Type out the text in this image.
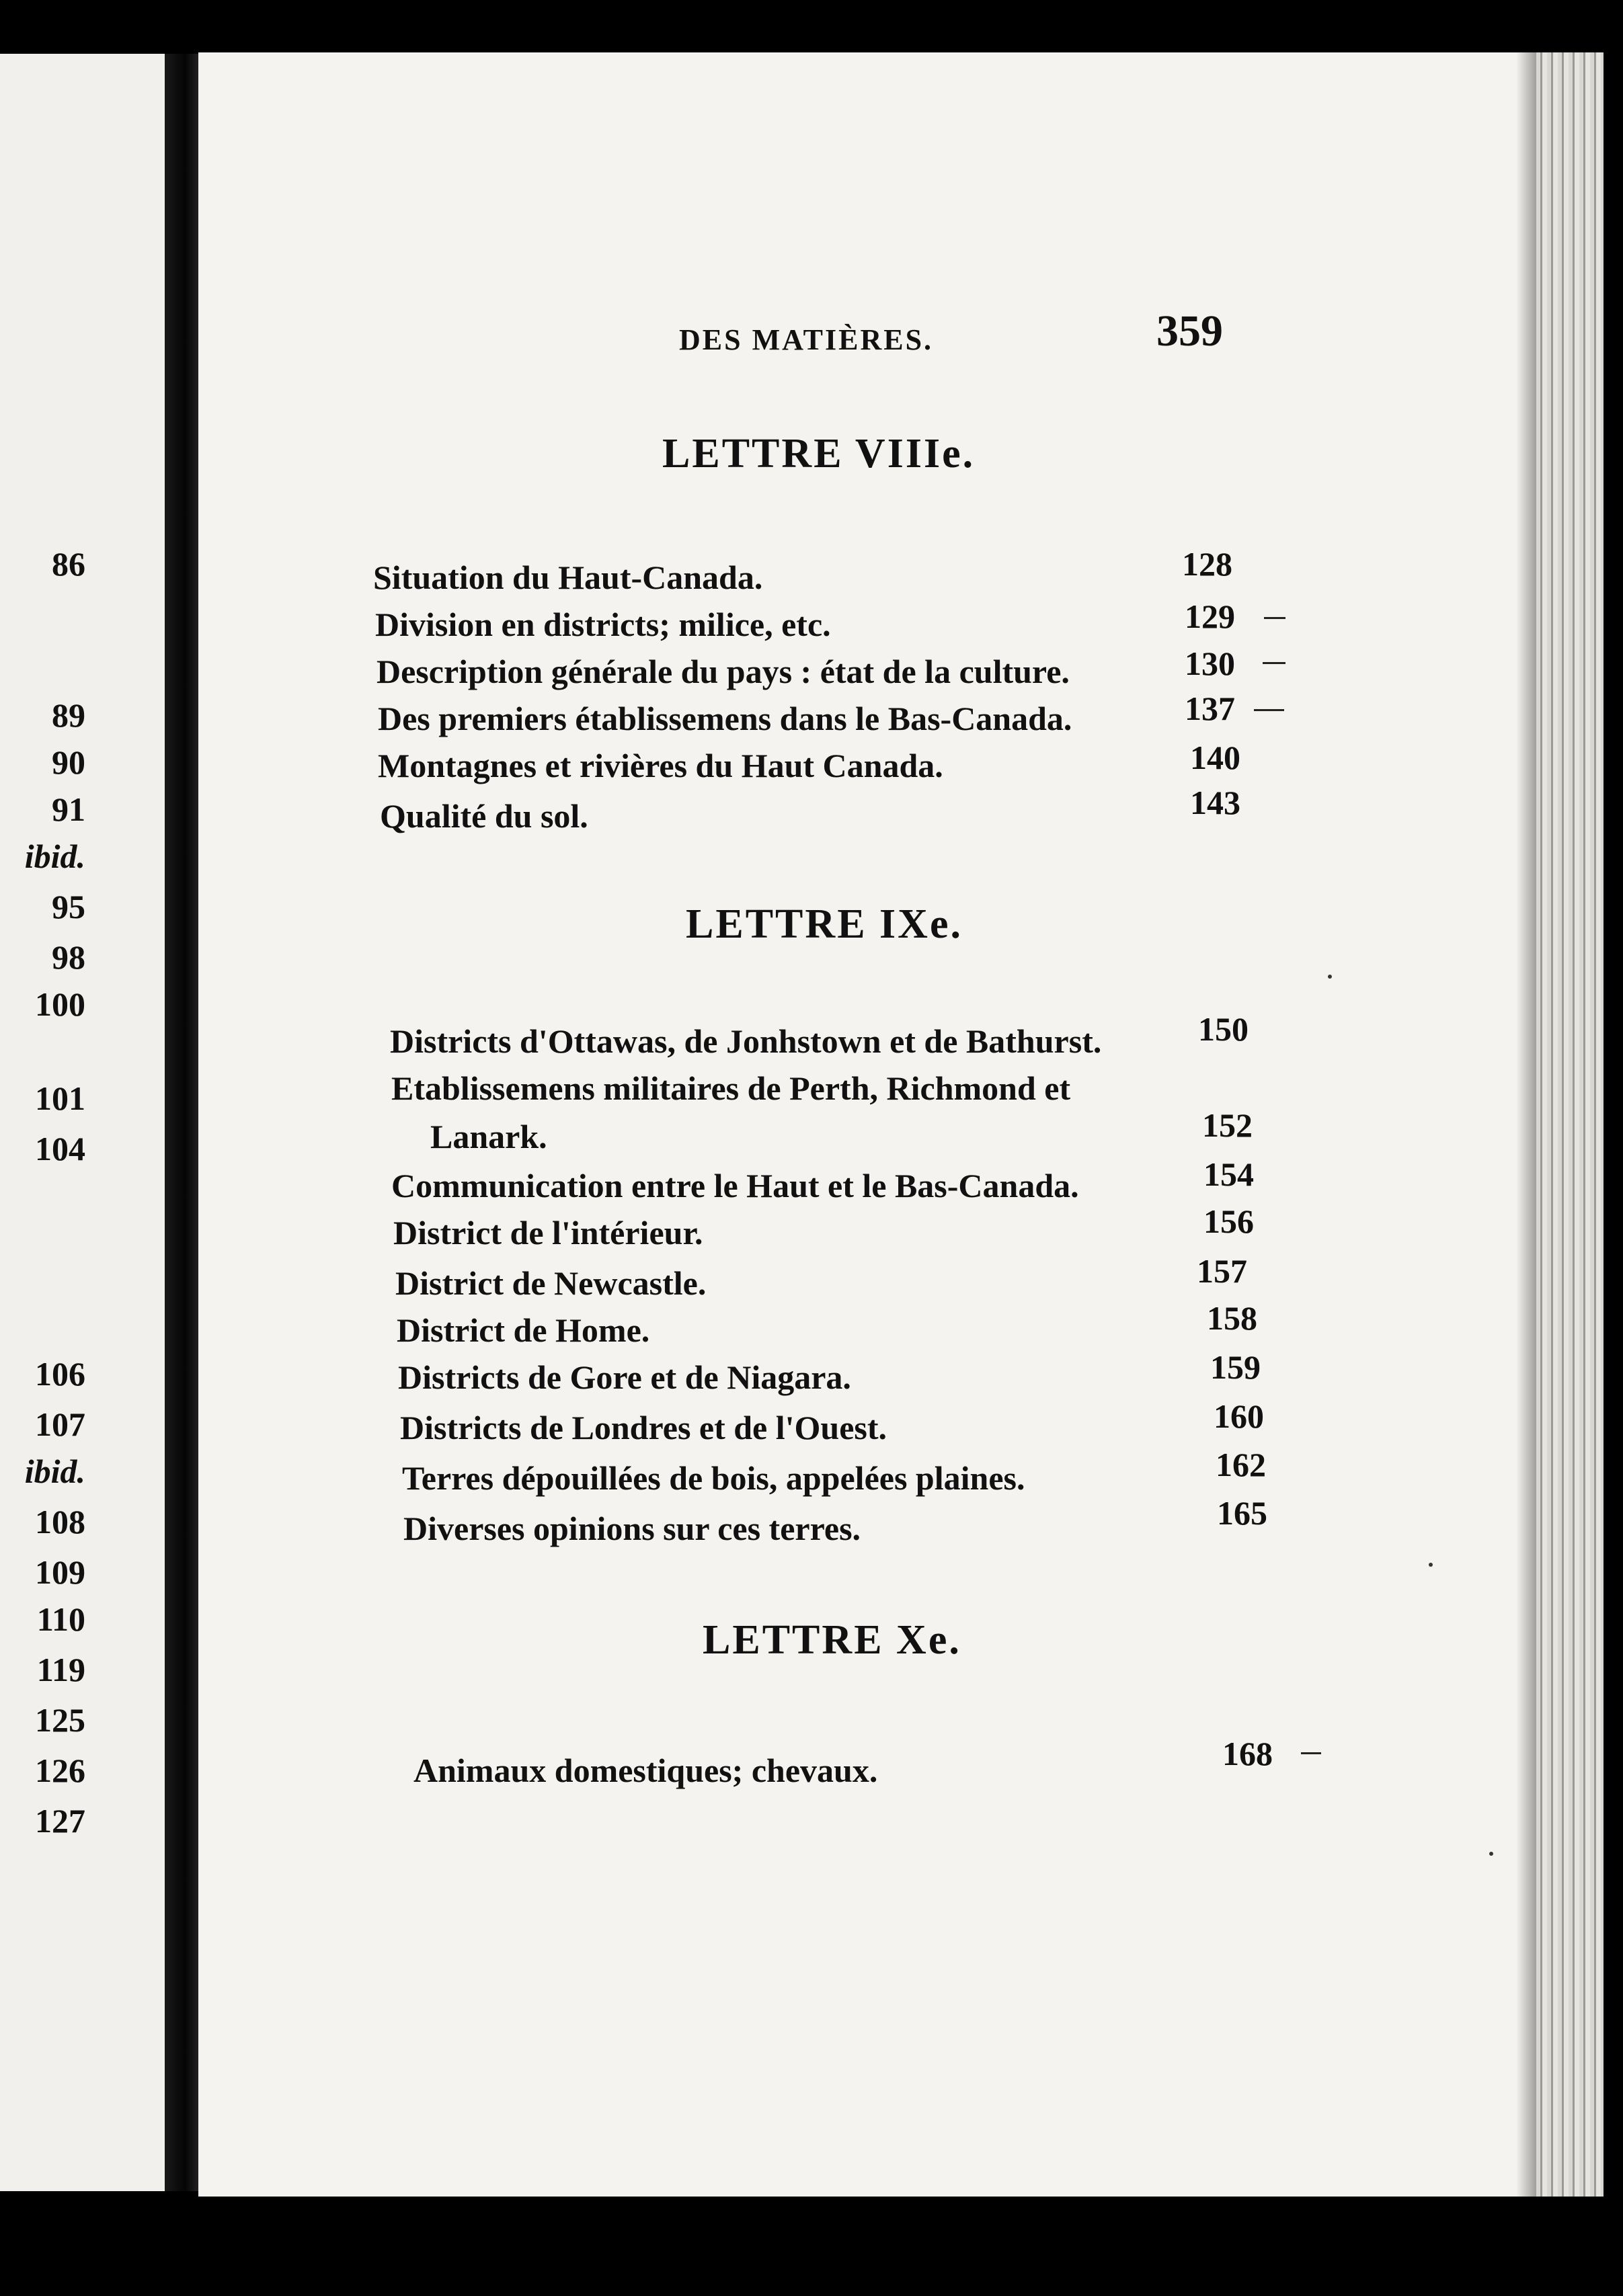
86
89
90
91
ibid.
95
98
100
101
104
106
107
ibid.
108
109
110
119
125
126
127
DES MATIÈRES.	359
LETTRE VIIIe.
Situation du Haut-Canada.	128
Division en districts; milice, etc.	129
Description générale du pays : état de la culture.	130
Des premiers établissemens dans le Bas-Canada.	137
Montagnes et rivières du Haut Canada.	140
Qualité du sol.	143
LETTRE IXe.
Districts d'Ottawas, de Jonhstown et de Bathurst.	150
Etablissemens militaires de Perth, Richmond et
Lanark.	152
Communication entre le Haut et le Bas-Canada.	154
District de l'intérieur.	156
District de Newcastle.	157
District de Home.	158
Districts de Gore et de Niagara.	159
Districts de Londres et de l'Ouest.	160
Terres dépouillées de bois, appelées plaines.	162
Diverses opinions sur ces terres.	165
LETTRE Xe.
Animaux domestiques; chevaux.	168
